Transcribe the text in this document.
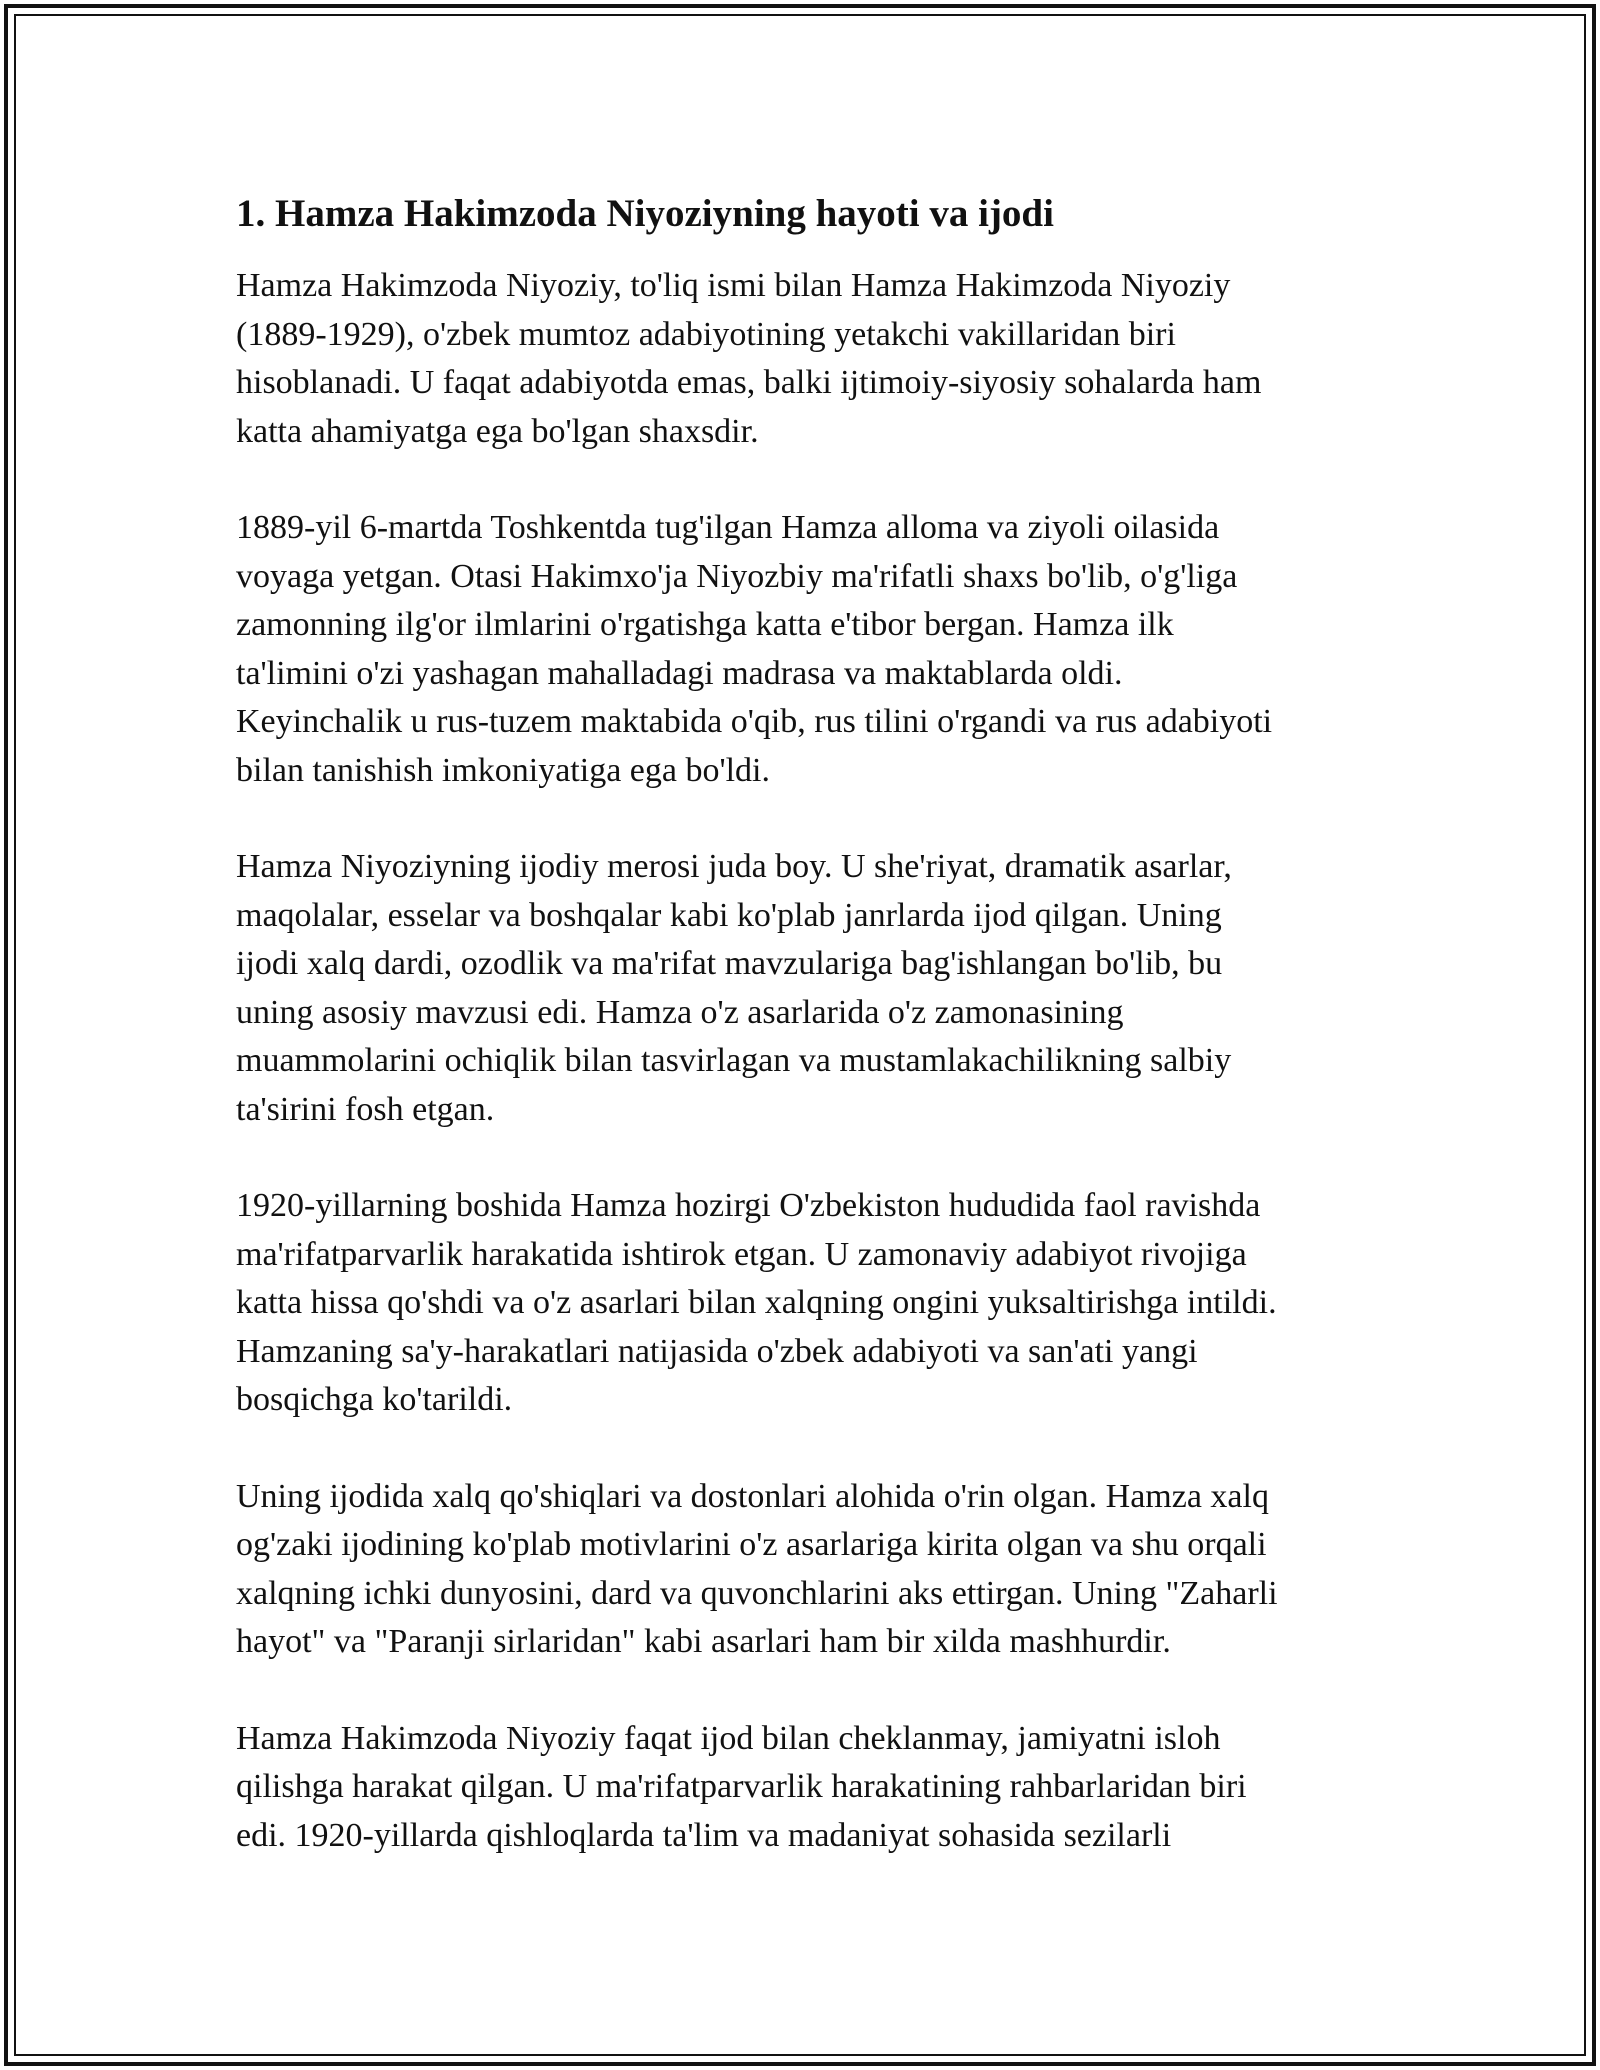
1. Hamza Hakimzoda Niyoziyning hayoti va ijodi

Hamza Hakimzoda Niyoziy, to'liq ismi bilan Hamza Hakimzoda Niyoziy
(1889-1929), o'zbek mumtoz adabiyotining yetakchi vakillaridan biri
hisoblanadi. U faqat adabiyotda emas, balki ijtimoiy-siyosiy sohalarda ham
katta ahamiyatga ega bo'lgan shaxsdir.

1889-yil 6-martda Toshkentda tug'ilgan Hamza alloma va ziyoli oilasida
voyaga yetgan. Otasi Hakimxo'ja Niyozbiy ma'rifatli shaxs bo'lib, o'g'liga
zamonning ilg'or ilmlarini o'rgatishga katta e'tibor bergan. Hamza ilk
ta'limini o'zi yashagan mahalladagi madrasa va maktablarda oldi.
Keyinchalik u rus-tuzem maktabida o'qib, rus tilini o'rgandi va rus adabiyoti
bilan tanishish imkoniyatiga ega bo'ldi.

Hamza Niyoziyning ijodiy merosi juda boy. U she'riyat, dramatik asarlar,
maqolalar, esselar va boshqalar kabi ko'plab janrlarda ijod qilgan. Uning
ijodi xalq dardi, ozodlik va ma'rifat mavzulariga bag'ishlangan bo'lib, bu
uning asosiy mavzusi edi. Hamza o'z asarlarida o'z zamonasining
muammolarini ochiqlik bilan tasvirlagan va mustamlakachilikning salbiy
ta'sirini fosh etgan.

1920-yillarning boshida Hamza hozirgi O'zbekiston hududida faol ravishda
ma'rifatparvarlik harakatida ishtirok etgan. U zamonaviy adabiyot rivojiga
katta hissa qo'shdi va o'z asarlari bilan xalqning ongini yuksaltirishga intildi.
Hamzaning sa'y-harakatlari natijasida o'zbek adabiyoti va san'ati yangi
bosqichga ko'tarildi.

Uning ijodida xalq qo'shiqlari va dostonlari alohida o'rin olgan. Hamza xalq
og'zaki ijodining ko'plab motivlarini o'z asarlariga kirita olgan va shu orqali
xalqning ichki dunyosini, dard va quvonchlarini aks ettirgan. Uning "Zaharli
hayot" va "Paranji sirlaridan" kabi asarlari ham bir xilda mashhurdir.

Hamza Hakimzoda Niyoziy faqat ijod bilan cheklanmay, jamiyatni isloh
qilishga harakat qilgan. U ma'rifatparvarlik harakatining rahbarlaridan biri
edi. 1920-yillarda qishloqlarda ta'lim va madaniyat sohasida sezilarli
